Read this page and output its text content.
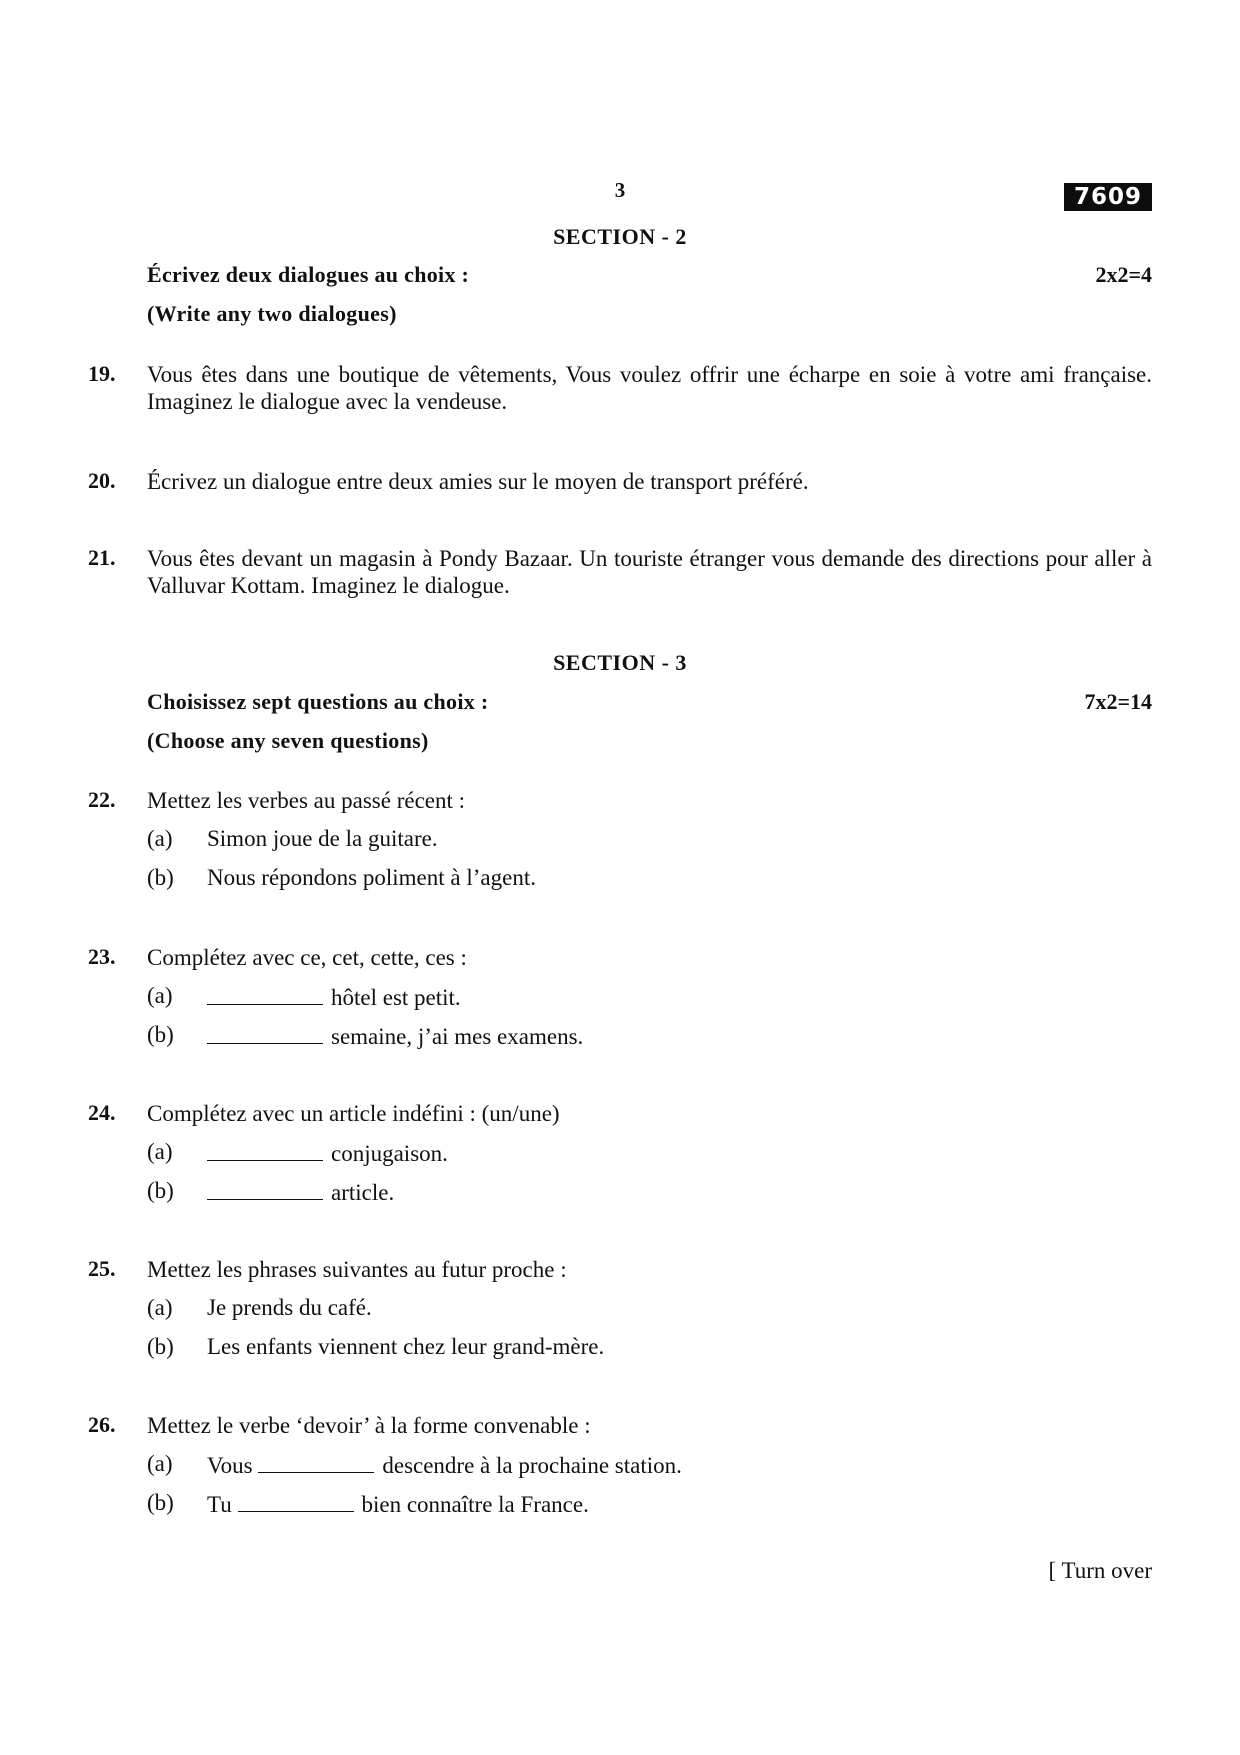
3	7609
SECTION - 2
Écrivez deux dialogues au choix :	2x2=4
(Write any two dialogues)
19. Vous êtes dans une boutique de vêtements, Vous voulez offrir une écharpe en soie à votre ami française. Imaginez le dialogue avec la vendeuse.
20. Écrivez un dialogue entre deux amies sur le moyen de transport préféré.
21. Vous êtes devant un magasin à Pondy Bazaar. Un touriste étranger vous demande des directions pour aller à Valluvar Kottam. Imaginez le dialogue.
SECTION - 3
Choisissez sept questions au choix :	7x2=14
(Choose any seven questions)
22. Mettez les verbes au passé récent :
(a) Simon joue de la guitare.
(b) Nous répondons poliment à l’agent.
23. Complétez avec ce, cet, cette, ces :
(a)	hôtel est petit.
(b)	semaine, j’ai mes examens.
24. Complétez avec un article indéfini : (un/une)
(a)	conjugaison.
(b)	article.
25. Mettez les phrases suivantes au futur proche :
(a) Je prends du café.
(b) Les enfants viennent chez leur grand-mère.
26. Mettez le verbe ‘devoir’ à la forme convenable :
(a) Vous	descendre à la prochaine station.
(b) Tu	bien connaître la France.
[ Turn over
